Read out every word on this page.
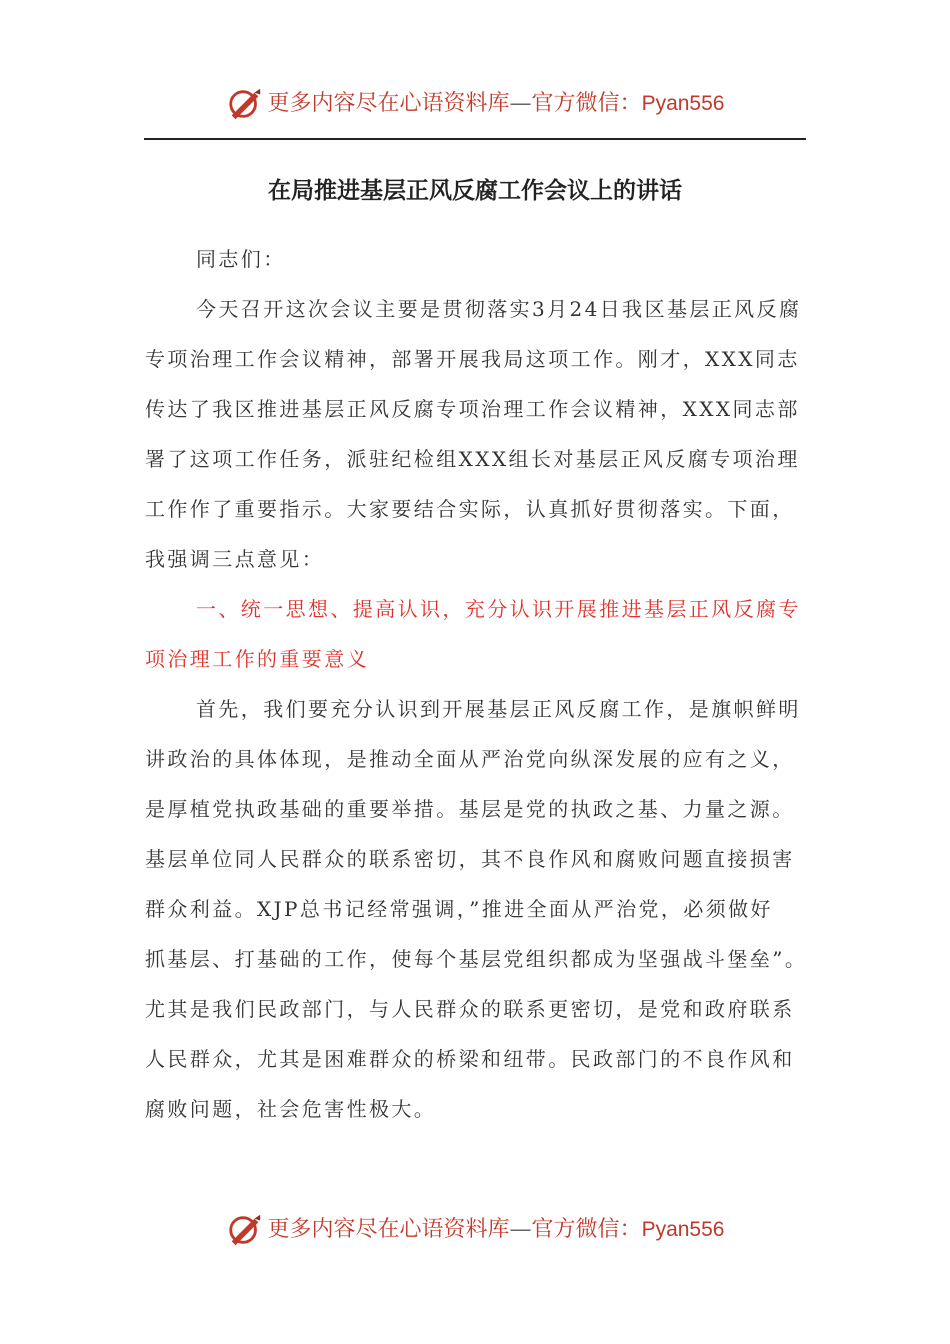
更多内容尽在心语资料库—官方微信：Pyan556
在局推进基层正风反腐工作会议上的讲话
同志们：
今天召开这次会议主要是贯彻落实3月24日我区基层正风反腐
专项治理工作会议精神，部署开展我局这项工作。刚才，XXX同志
传达了我区推进基层正风反腐专项治理工作会议精神，XXX同志部
署了这项工作任务，派驻纪检组XXX组长对基层正风反腐专项治理
工作作了重要指示。大家要结合实际，认真抓好贯彻落实。下面，
我强调三点意见：
一、统一思想、提高认识，充分认识开展推进基层正风反腐专
项治理工作的重要意义
首先，我们要充分认识到开展基层正风反腐工作，是旗帜鲜明
讲政治的具体体现，是推动全面从严治党向纵深发展的应有之义，
是厚植党执政基础的重要举措。基层是党的执政之基、力量之源。
基层单位同人民群众的联系密切，其不良作风和腐败问题直接损害
群众利益。XJP总书记经常强调，”推进全面从严治党，必须做好
抓基层、打基础的工作，使每个基层党组织都成为坚强战斗堡垒”。
尤其是我们民政部门，与人民群众的联系更密切，是党和政府联系
人民群众，尤其是困难群众的桥梁和纽带。民政部门的不良作风和
腐败问题，社会危害性极大。
更多内容尽在心语资料库—官方微信：Pyan556
